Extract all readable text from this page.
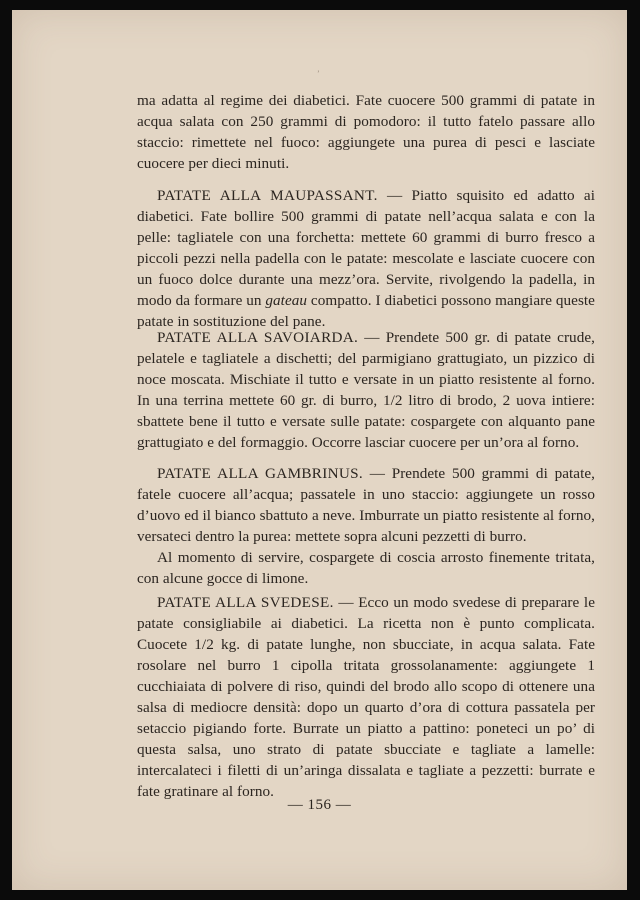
ʼ

ma adatta al regime dei diabetici. Fate cuocere 500 grammi di patate in acqua salata con 250 grammi di pomodoro: il tutto fatelo passare allo staccio: rimettete nel fuoco: aggiungete una purea di pesci e lasciate cuocere per dieci minuti.

PATATE ALLA MAUPASSANT. — Piatto squisito ed adatto ai diabetici. Fate bollire 500 grammi di patate nell’acqua salata e con la pelle: tagliatele con una forchetta: mettete 60 grammi di burro fresco a piccoli pezzi nella padella con le patate: mescolate e lasciate cuocere con un fuoco dolce durante una mezz’ora. Servite, rivolgendo la padella, in modo da formare un gateau compatto. I diabetici possono mangiare queste patate in sostituzione del pane.

PATATE ALLA SAVOIARDA. — Prendete 500 gr. di patate crude, pelatele e tagliatele a dischetti; del parmigiano grattugiato, un pizzico di noce moscata. Mischiate il tutto e versate in un piatto resistente al forno. In una terrina mettete 60 gr. di burro, 1/2 litro di brodo, 2 uova intiere: sbattete bene il tutto e versate sulle patate: cospargete con alquanto pane grattugiato e del formaggio. Occorre lasciar cuocere per un’ora al forno.

PATATE ALLA GAMBRINUS. — Prendete 500 grammi di patate, fatele cuocere all’acqua; passatele in uno staccio: aggiungete un rosso d’uovo ed il bianco sbattuto a neve. Imburrate un piatto resistente al forno, versateci dentro la purea: mettete sopra alcuni pezzetti di burro.

Al momento di servire, cospargete di coscia arrosto finemente tritata, con alcune gocce di limone.

PATATE ALLA SVEDESE. — Ecco un modo svedese di preparare le patate consigliabile ai diabetici. La ricetta non è punto complicata. Cuocete 1/2 kg. di patate lunghe, non sbucciate, in acqua salata. Fate rosolare nel burro 1 cipolla tritata grossolanamente: aggiungete 1 cucchiaiata di polvere di riso, quindi del brodo allo scopo di ottenere una salsa di mediocre densità: dopo un quarto d’ora di cottura passatela per setaccio pigiando forte. Burrate un piatto a pattino: poneteci un po’ di questa salsa, uno strato di patate sbucciate e tagliate a lamelle: intercalateci i filetti di un’aringa dissalata e tagliate a pezzetti: burrate e fate gratinare al forno.

— 156 —
